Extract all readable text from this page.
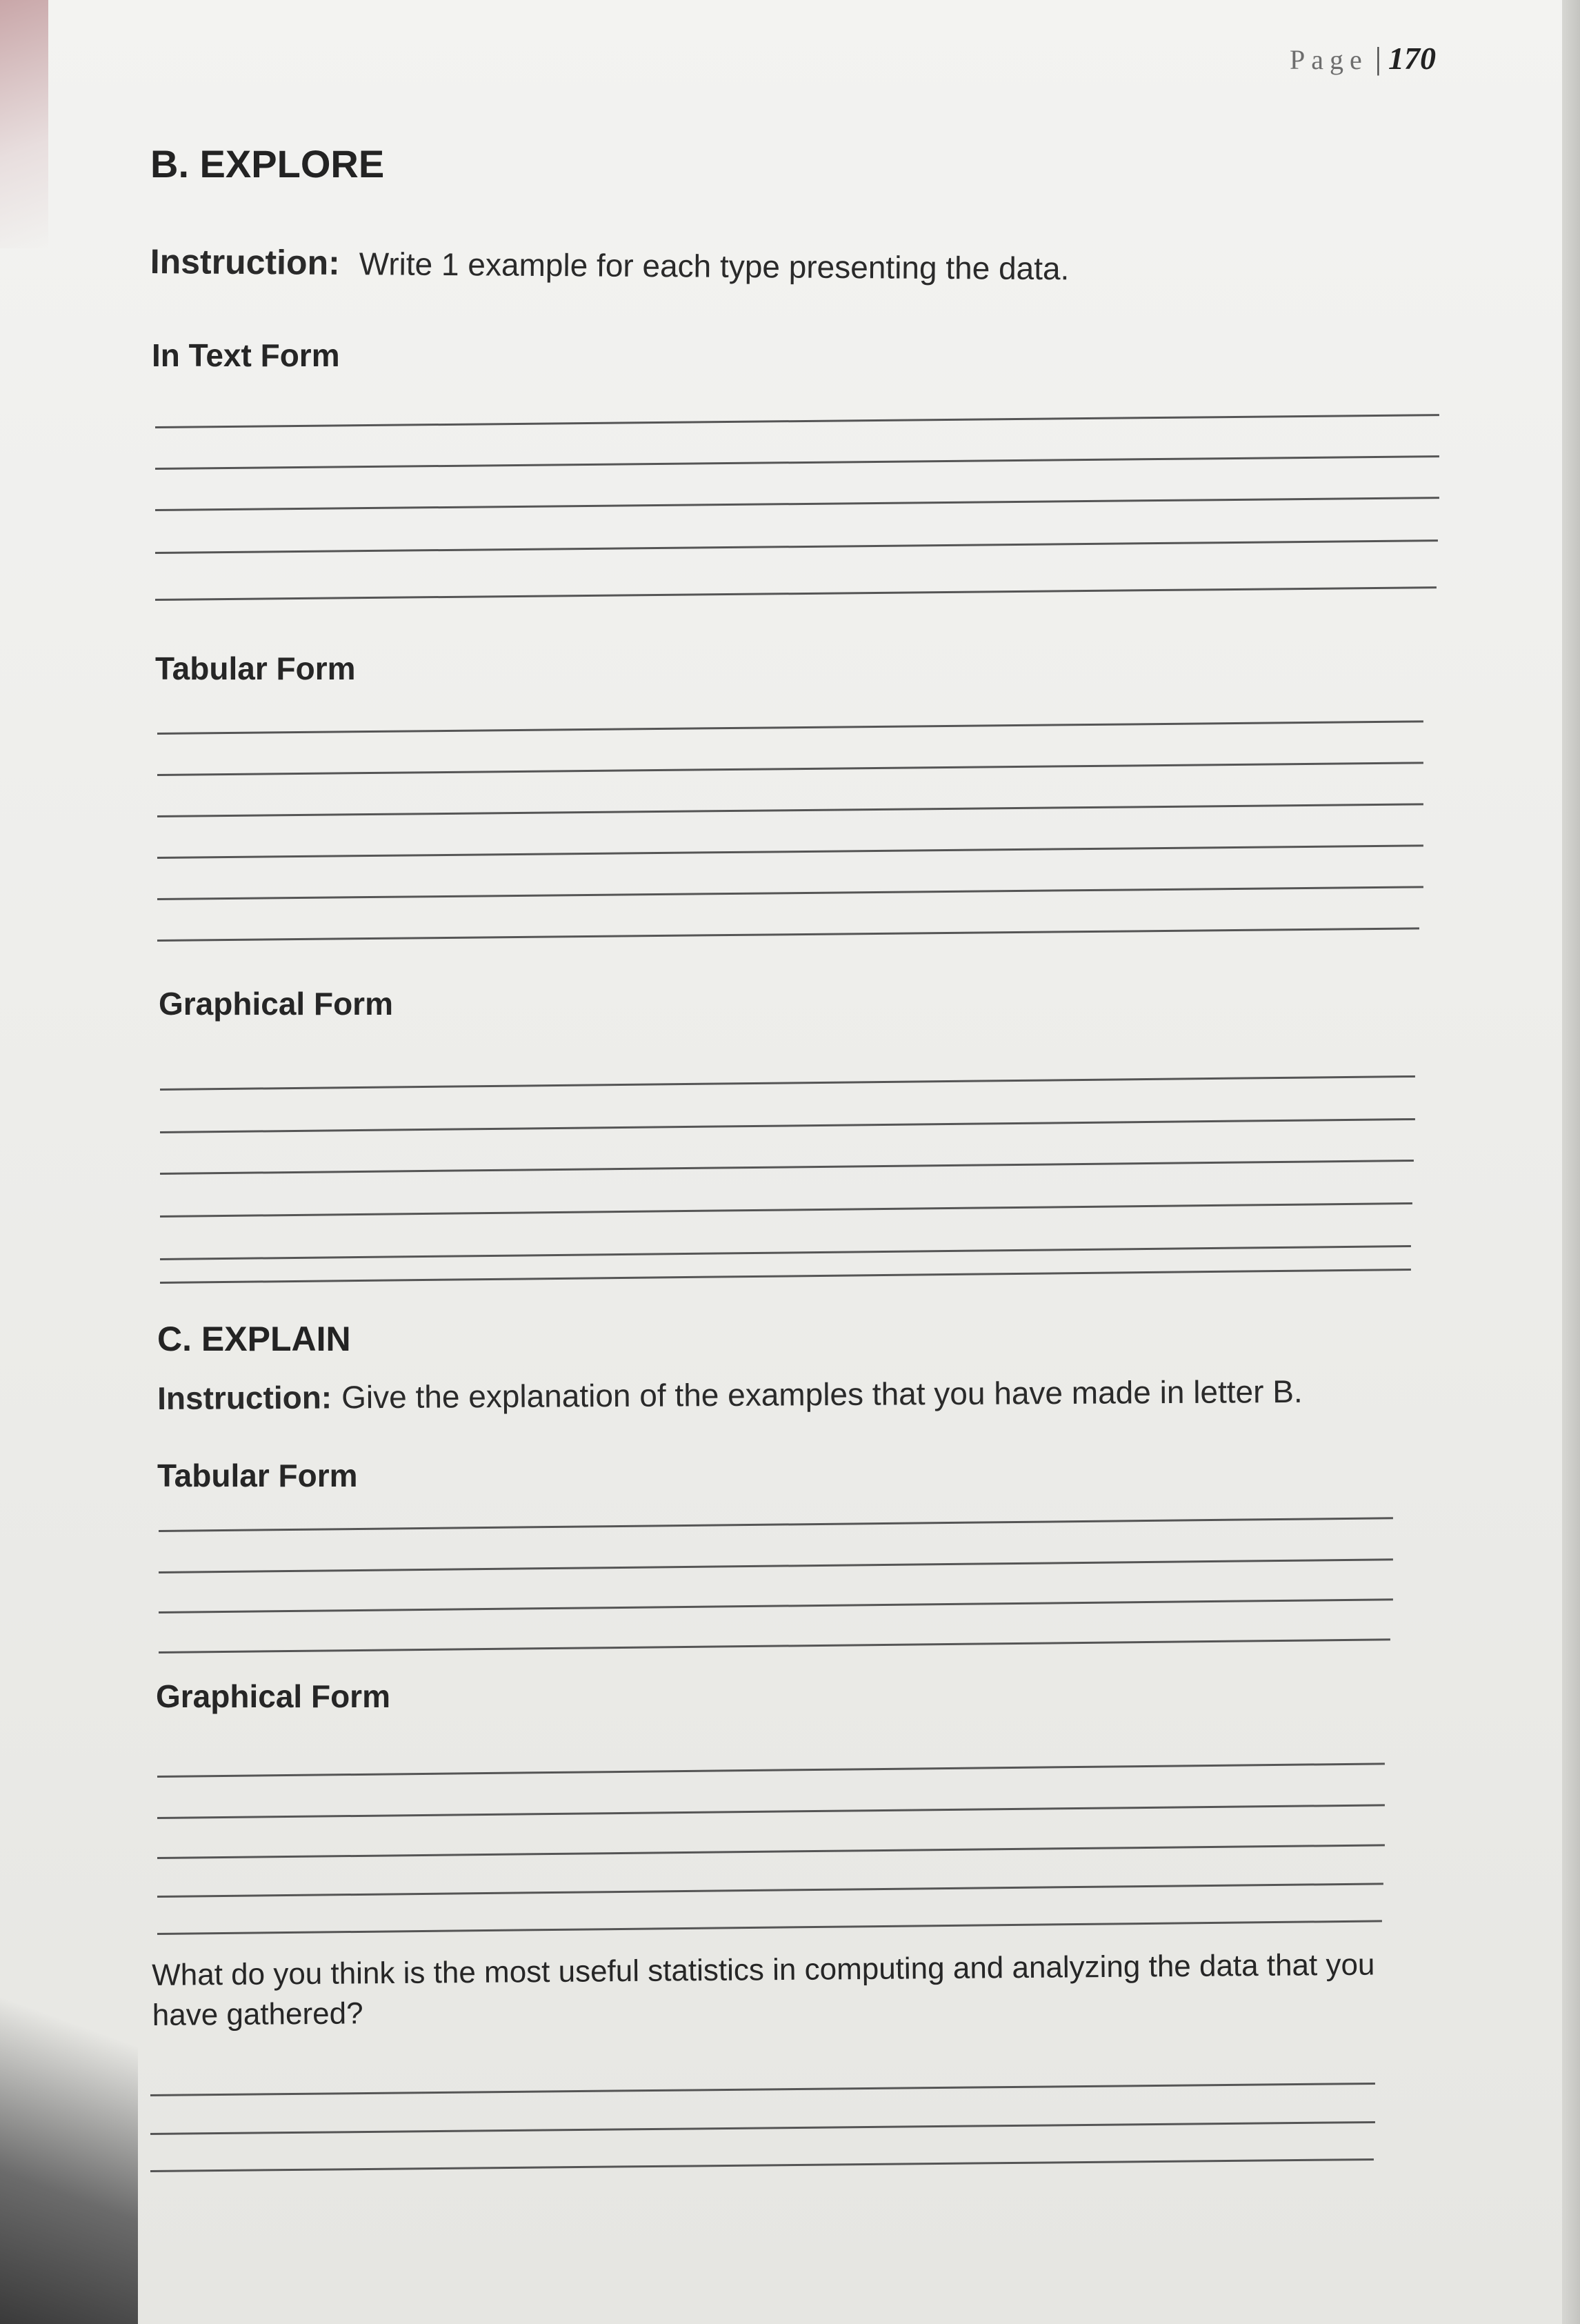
Page | 170
B. EXPLORE
Instruction: Write 1 example for each type presenting the data.
In Text Form
Tabular Form
Graphical Form
C. EXPLAIN
Instruction: Give the explanation of the examples that you have made in letter B.
Tabular Form
Graphical Form
What do you think is the most useful statistics in computing and analyzing the data that you
have gathered?
